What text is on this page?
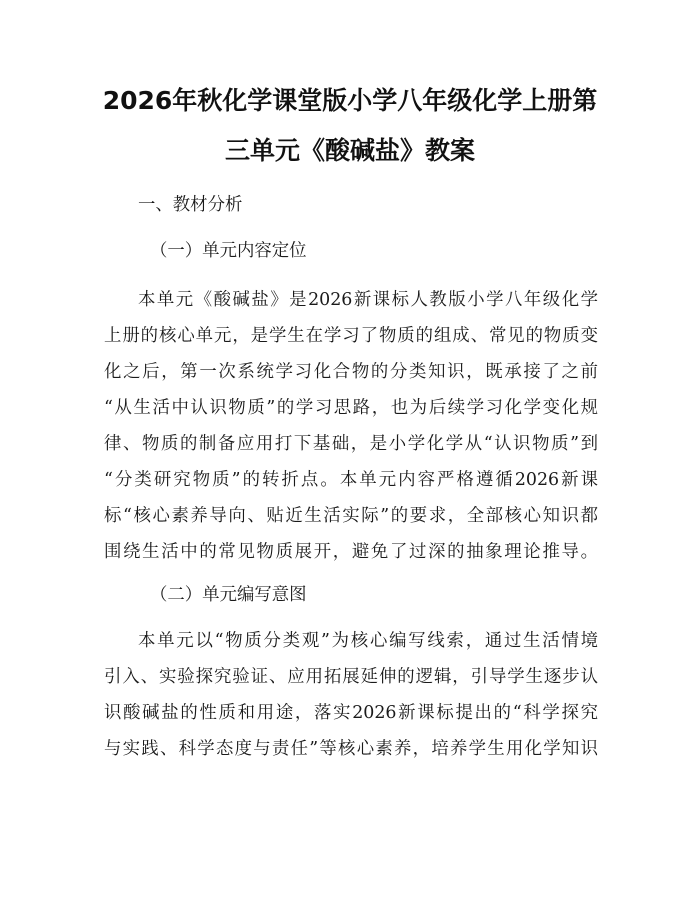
2026年秋化学课堂版小学八年级化学上册第
三单元《酸碱盐》教案
一、教材分析
（一）单元内容定位
本单元《酸碱盐》是2026新课标人教版小学八年级化学
上册的核心单元，是学生在学习了物质的组成、常见的物质变
化之后，第一次系统学习化合物的分类知识，既承接了之前
“从生活中认识物质”的学习思路，也为后续学习化学变化规
律、物质的制备应用打下基础，是小学化学从“认识物质”到
“分类研究物质”的转折点。本单元内容严格遵循2026新课
标“核心素养导向、贴近生活实际”的要求，全部核心知识都
围绕生活中的常见物质展开，避免了过深的抽象理论推导。
（二）单元编写意图
本单元以“物质分类观”为核心编写线索，通过生活情境
引入、实验探究验证、应用拓展延伸的逻辑，引导学生逐步认
识酸碱盐的性质和用途，落实2026新课标提出的“科学探究
与实践、科学态度与责任”等核心素养，培养学生用化学知识
